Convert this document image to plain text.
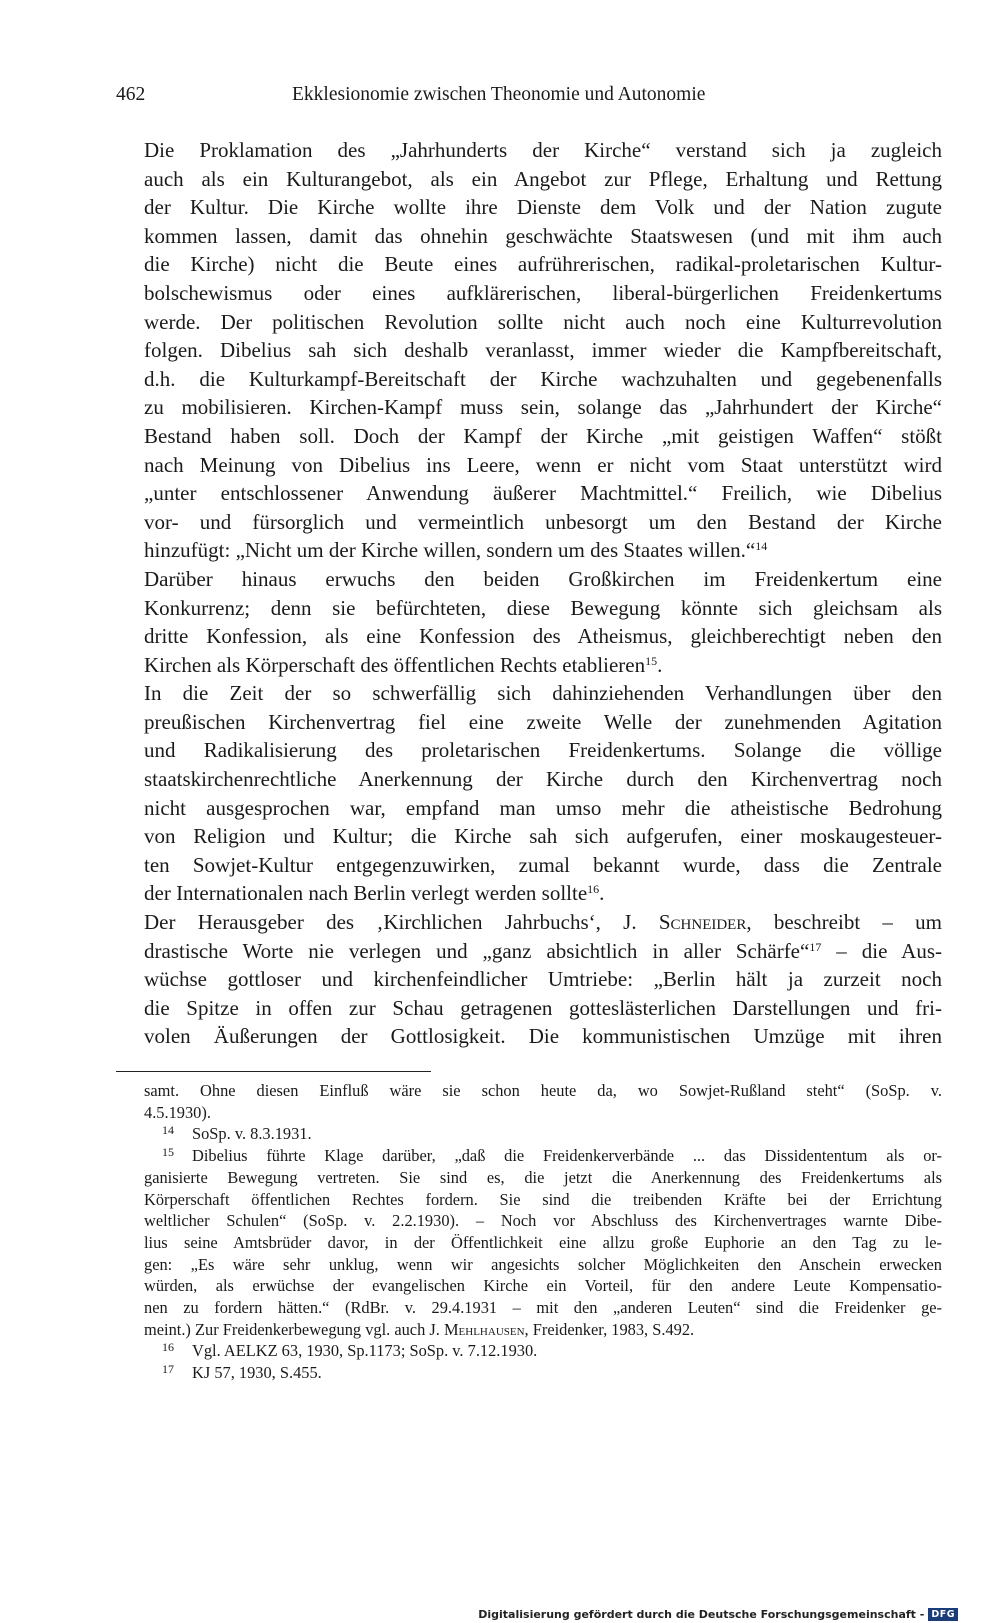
462	Ekklesionomie zwischen Theonomie und Autonomie
Die Proklamation des „Jahrhunderts der Kirche“ verstand sich ja zugleich
auch als ein Kulturangebot, als ein Angebot zur Pflege, Erhaltung und Rettung
der Kultur. Die Kirche wollte ihre Dienste dem Volk und der Nation zugute
kommen lassen, damit das ohnehin geschwächte Staatswesen (und mit ihm auch
die Kirche) nicht die Beute eines aufrührerischen, radikal-proletarischen Kultur-
bolschewismus oder eines aufklärerischen, liberal-bürgerlichen Freidenkertums
werde. Der politischen Revolution sollte nicht auch noch eine Kulturrevolution
folgen. Dibelius sah sich deshalb veranlasst, immer wieder die Kampfbereitschaft,
d.h. die Kulturkampf-Bereitschaft der Kirche wachzuhalten und gegebenenfalls
zu mobilisieren. Kirchen-Kampf muss sein, solange das „Jahrhundert der Kirche“
Bestand haben soll. Doch der Kampf der Kirche „mit geistigen Waffen“ stößt
nach Meinung von Dibelius ins Leere, wenn er nicht vom Staat unterstützt wird
„unter entschlossener Anwendung äußerer Machtmittel.“ Freilich, wie Dibelius
vor- und fürsorglich und vermeintlich unbesorgt um den Bestand der Kirche
hinzufügt: „Nicht um der Kirche willen, sondern um des Staates willen.“$^{14}$
Darüber hinaus erwuchs den beiden Großkirchen im Freidenkertum eine
Konkurrenz; denn sie befürchteten, diese Bewegung könnte sich gleichsam als
dritte Konfession, als eine Konfession des Atheismus, gleichberechtigt neben den
Kirchen als Körperschaft des öffentlichen Rechts etablieren$^{15}$.
In die Zeit der so schwerfällig sich dahinziehenden Verhandlungen über den
preußischen Kirchenvertrag fiel eine zweite Welle der zunehmenden Agitation
und Radikalisierung des proletarischen Freidenkertums. Solange die völlige
staatskirchenrechtliche Anerkennung der Kirche durch den Kirchenvertrag noch
nicht ausgesprochen war, empfand man umso mehr die atheistische Bedrohung
von Religion und Kultur; die Kirche sah sich aufgerufen, einer moskaugesteuer-
ten Sowjet-Kultur entgegenzuwirken, zumal bekannt wurde, dass die Zentrale
der Internationalen nach Berlin verlegt werden sollte$^{16}$.
Der Herausgeber des ‚Kirchlichen Jahrbuchs‘, J. Schneider, beschreibt – um
drastische Worte nie verlegen und „ganz absichtlich in aller Schärfe“$^{17}$ – die Aus-
wüchse gottloser und kirchenfeindlicher Umtriebe: „Berlin hält ja zurzeit noch
die Spitze in offen zur Schau getragenen gotteslästerlichen Darstellungen und fri-
volen Äußerungen der Gottlosigkeit. Die kommunistischen Umzüge mit ihren
samt. Ohne diesen Einfluß wäre sie schon heute da, wo Sowjet-Rußland steht“ (SoSp. v.
4.5.1930).
14 SoSp. v. 8.3.1931.
15 Dibelius führte Klage darüber, „daß die Freidenkerverbände ... das Dissidententum als or-
ganisierte Bewegung vertreten. Sie sind es, die jetzt die Anerkennung des Freidenkertums als
Körperschaft öffentlichen Rechtes fordern. Sie sind die treibenden Kräfte bei der Errichtung
weltlicher Schulen“ (SoSp. v. 2.2.1930). – Noch vor Abschluss des Kirchenvertrages warnte Dibe-
lius seine Amtsbrüder davor, in der Öffentlichkeit eine allzu große Euphorie an den Tag zu le-
gen: „Es wäre sehr unklug, wenn wir angesichts solcher Möglichkeiten den Anschein erwecken
würden, als erwüchse der evangelischen Kirche ein Vorteil, für den andere Leute Kompensatio-
nen zu fordern hätten.“ (RdBr. v. 29.4.1931 – mit den „anderen Leuten“ sind die Freidenker ge-
meint.) Zur Freidenkerbewegung vgl. auch J. Mehlhausen, Freidenker, 1983, S.492.
16 Vgl. AELKZ 63, 1930, Sp.1173; SoSp. v. 7.12.1930.
17 KJ 57, 1930, S.455.
Digitalisierung gefördert durch die Deutsche Forschungsgemeinschaft - DFG
